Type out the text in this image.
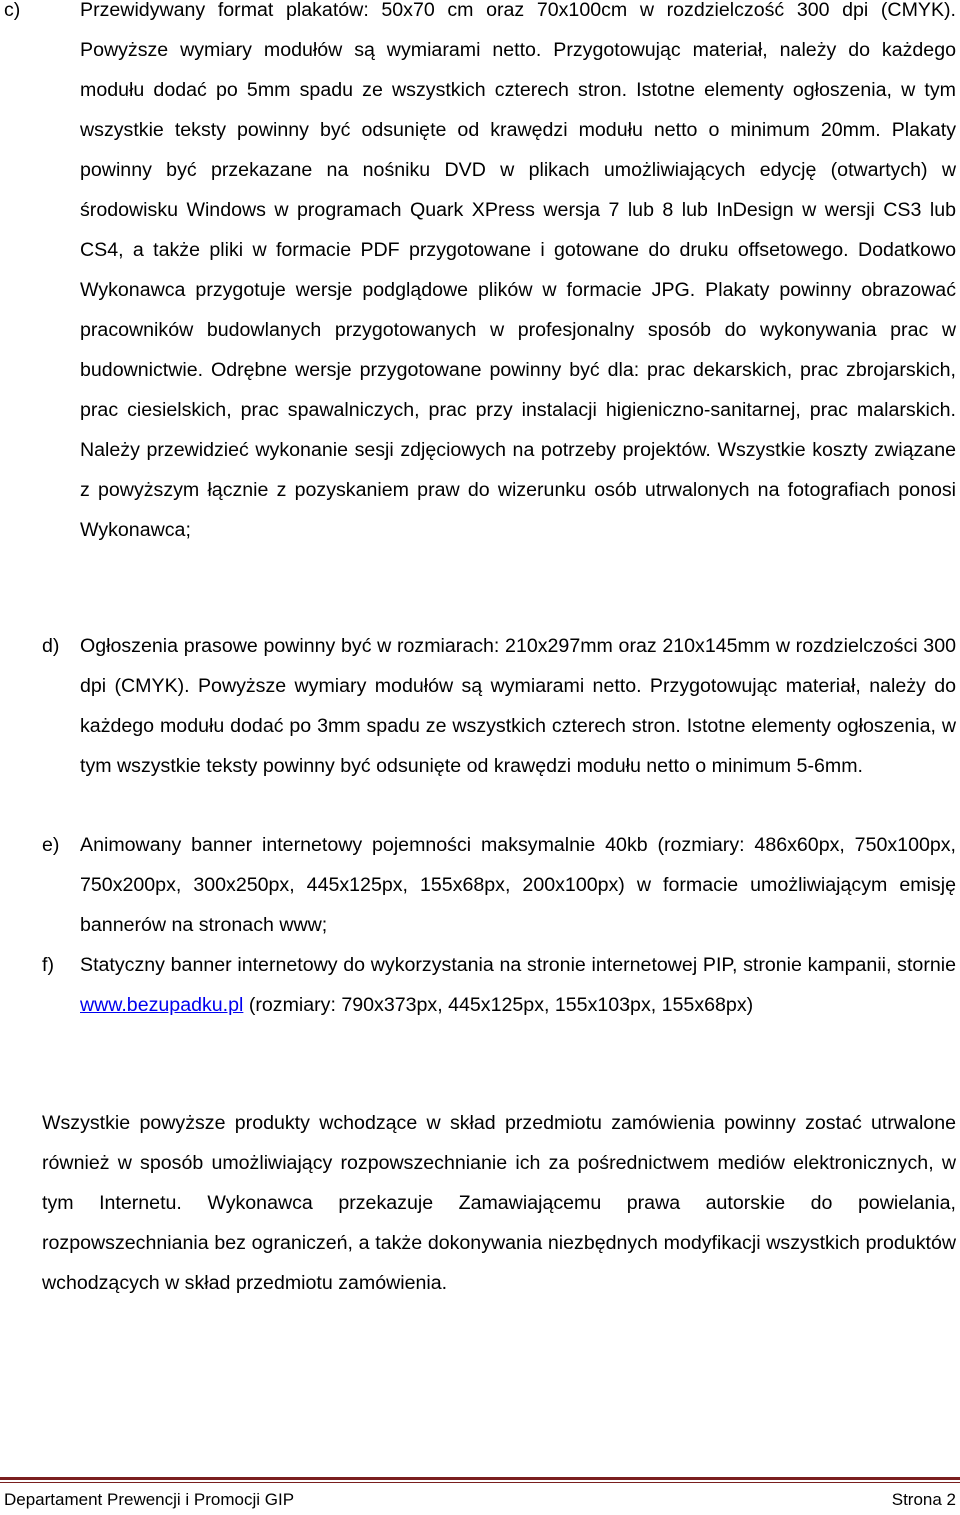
c)	Przewidywany format plakatów: 50x70 cm oraz 70x100cm w rozdzielczość 300 dpi (CMYK). Powyższe wymiary modułów są wymiarami netto. Przygotowując materiał, należy do każdego modułu dodać po 5mm spadu ze wszystkich czterech stron. Istotne elementy ogłoszenia, w tym wszystkie teksty powinny być odsunięte od krawędzi modułu netto o minimum 20mm. Plakaty powinny być przekazane na nośniku DVD w plikach umożliwiających edycję (otwartych) w środowisku Windows w programach Quark XPress wersja 7 lub 8 lub InDesign w wersji CS3 lub CS4, a także pliki w formacie PDF przygotowane i gotowane do druku offsetowego. Dodatkowo Wykonawca przygotuje wersje podglądowe plików w formacie JPG. Plakaty powinny obrazować pracowników budowlanych przygotowanych w profesjonalny sposób do wykonywania prac w budownictwie. Odrębne wersje przygotowane powinny być dla: prac dekarskich, prac zbrojarskich, prac ciesielskich, prac spawalniczych, prac przy instalacji higieniczno-sanitarnej, prac malarskich. Należy przewidzieć wykonanie sesji zdjęciowych na potrzeby projektów. Wszystkie koszty związane z powyższym łącznie z pozyskaniem praw do wizerunku osób utrwalonych na fotografiach ponosi Wykonawca;
d) Ogłoszenia prasowe powinny być w rozmiarach: 210x297mm oraz 210x145mm w rozdzielczości 300 dpi (CMYK). Powyższe wymiary modułów są wymiarami netto. Przygotowując materiał, należy do każdego modułu dodać po 3mm spadu ze wszystkich czterech stron. Istotne elementy ogłoszenia, w tym wszystkie teksty powinny być odsunięte od krawędzi modułu netto o minimum 5-6mm.
e) Animowany banner internetowy pojemności maksymalnie 40kb (rozmiary: 486x60px, 750x100px, 750x200px, 300x250px, 445x125px, 155x68px, 200x100px) w formacie umożliwiającym emisję bannerów na stronach www;
f) Statyczny banner internetowy do wykorzystania na stronie internetowej PIP, stronie kampanii, stornie www.bezupadku.pl (rozmiary: 790x373px, 445x125px, 155x103px, 155x68px)
Wszystkie powyższe produkty wchodzące w skład przedmiotu zamówienia powinny zostać utrwalone również w sposób umożliwiający rozpowszechnianie ich za pośrednictwem mediów elektronicznych, w tym Internetu. Wykonawca przekazuje Zamawiającemu prawa autorskie do powielania, rozpowszechniania bez ograniczeń, a także dokonywania niezbędnych modyfikacji wszystkich produktów wchodzących w skład przedmiotu zamówienia.
Departament Prewencji i Promocji GIP	Strona 2
